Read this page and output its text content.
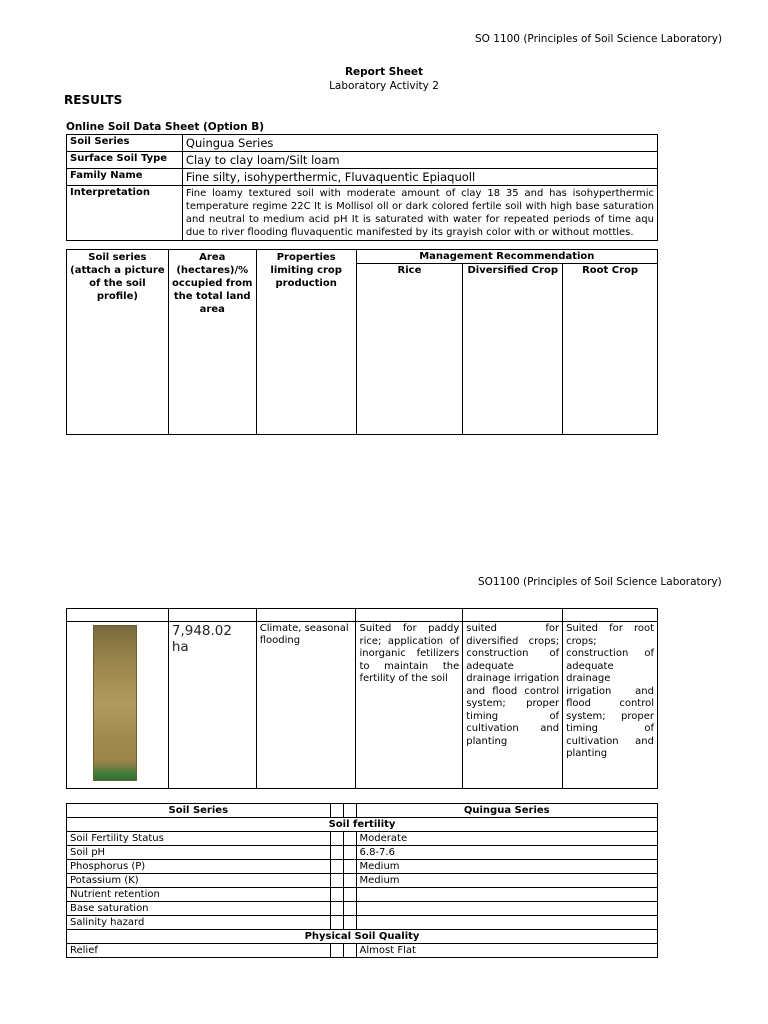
SO 1100 (Principles of Soil Science Laboratory)
Report Sheet
Laboratory Activity 2
RESULTS
Online Soil Data Sheet (Option B)
Soil Series	Quingua Series
Surface Soil Type	Clay to clay loam/Silt loam
Family Name	Fine silty, isohyperthermic, Fluvaquentic Epiaquoll
Interpretation	Fine loamy textured soil with moderate amount of clay 18 35 and has isohyperthermic temperature regime 22C It is Mollisol oll or dark colored fertile soil with high base saturation and neutral to medium acid pH It is saturated with water for repeated periods of time aqu due to river flooding fluvaquentic manifested by its grayish color with or without mottles.
Soil series (attach a picture of the soil profile)	Area (hectares)/% occupied from the total land area	Properties limiting crop production	Management Recommendation		
			Rice	Diversified Crop	Root Crop
SO1100 (Principles of Soil Science Laboratory)

	7,948.02 ha	Climate, seasonal flooding	Suited for paddy rice; application of inorganic fetilizers to maintain the fertility of the soil	suited for diversified crops; construction of adequate drainage irrigation and flood control system; proper timing of cultivation and planting	Suited for root crops; construction of adequate drainage irrigation and flood control system; proper timing of cultivation and planting
Soil Series			Quingua Series
Soil fertility			
Soil Fertility Status			Moderate
Soil pH			6.8-7.6
Phosphorus (P)			Medium
Potassium (K)			Medium
Nutrient retention			
Base saturation			
Salinity hazard			
Physical Soil Quality			
Relief			Almost Flat
